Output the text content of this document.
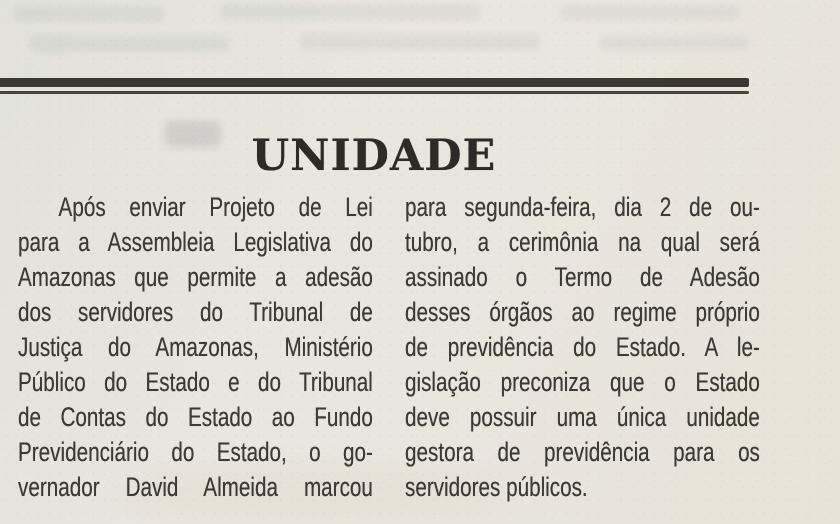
UNIDADE
Após enviar Projeto de Lei
para a Assembleia Legislativa do
Amazonas que permite a adesão
dos servidores do Tribunal de
Justiça do Amazonas, Ministério
Público do Estado e do Tribunal
de Contas do Estado ao Fundo
Previdenciário do Estado, o go-
vernador David Almeida marcou
para segunda-feira, dia 2 de ou-
tubro, a cerimônia na qual será
assinado o Termo de Adesão
desses órgãos ao regime próprio
de previdência do Estado. A le-
gislação preconiza que o Estado
deve possuir uma única unidade
gestora de previdência para os
servidores públicos.
